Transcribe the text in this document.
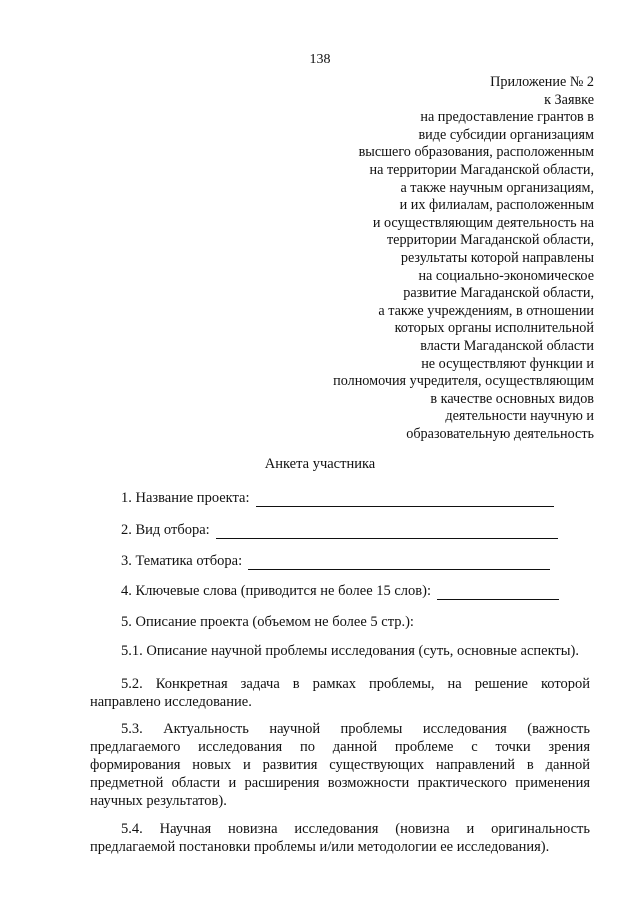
138
Приложение № 2
к Заявке
на предоставление грантов в
виде субсидии организациям
высшего образования, расположенным
на территории Магаданской области,
а также научным организациям,
и их филиалам, расположенным
и осуществляющим деятельность на
территории Магаданской области,
результаты которой направлены
на социально-экономическое
развитие Магаданской области,
а также учреждениям, в отношении
которых органы исполнительной
власти Магаданской области
не осуществляют функции и
полномочия учредителя, осуществляющим
в качестве основных видов
деятельности научную и
образовательную деятельность
Анкета участника
1. Название проекта:
2. Вид отбора:
3. Тематика отбора:
4. Ключевые слова (приводится не более 15 слов):
5. Описание проекта (объемом не более 5 стр.):
5.1. Описание научной проблемы исследования (суть, основные аспекты).
5.2. Конкретная задача в рамках проблемы, на решение которой
направлено исследование.
5.3. Актуальность научной проблемы исследования (важность
предлагаемого исследования по данной проблеме с точки зрения
формирования новых и развития существующих направлений в данной
предметной области и расширения возможности практического применения
научных результатов).
5.4. Научная новизна исследования (новизна и оригинальность
предлагаемой постановки проблемы и/или методологии ее исследования).
